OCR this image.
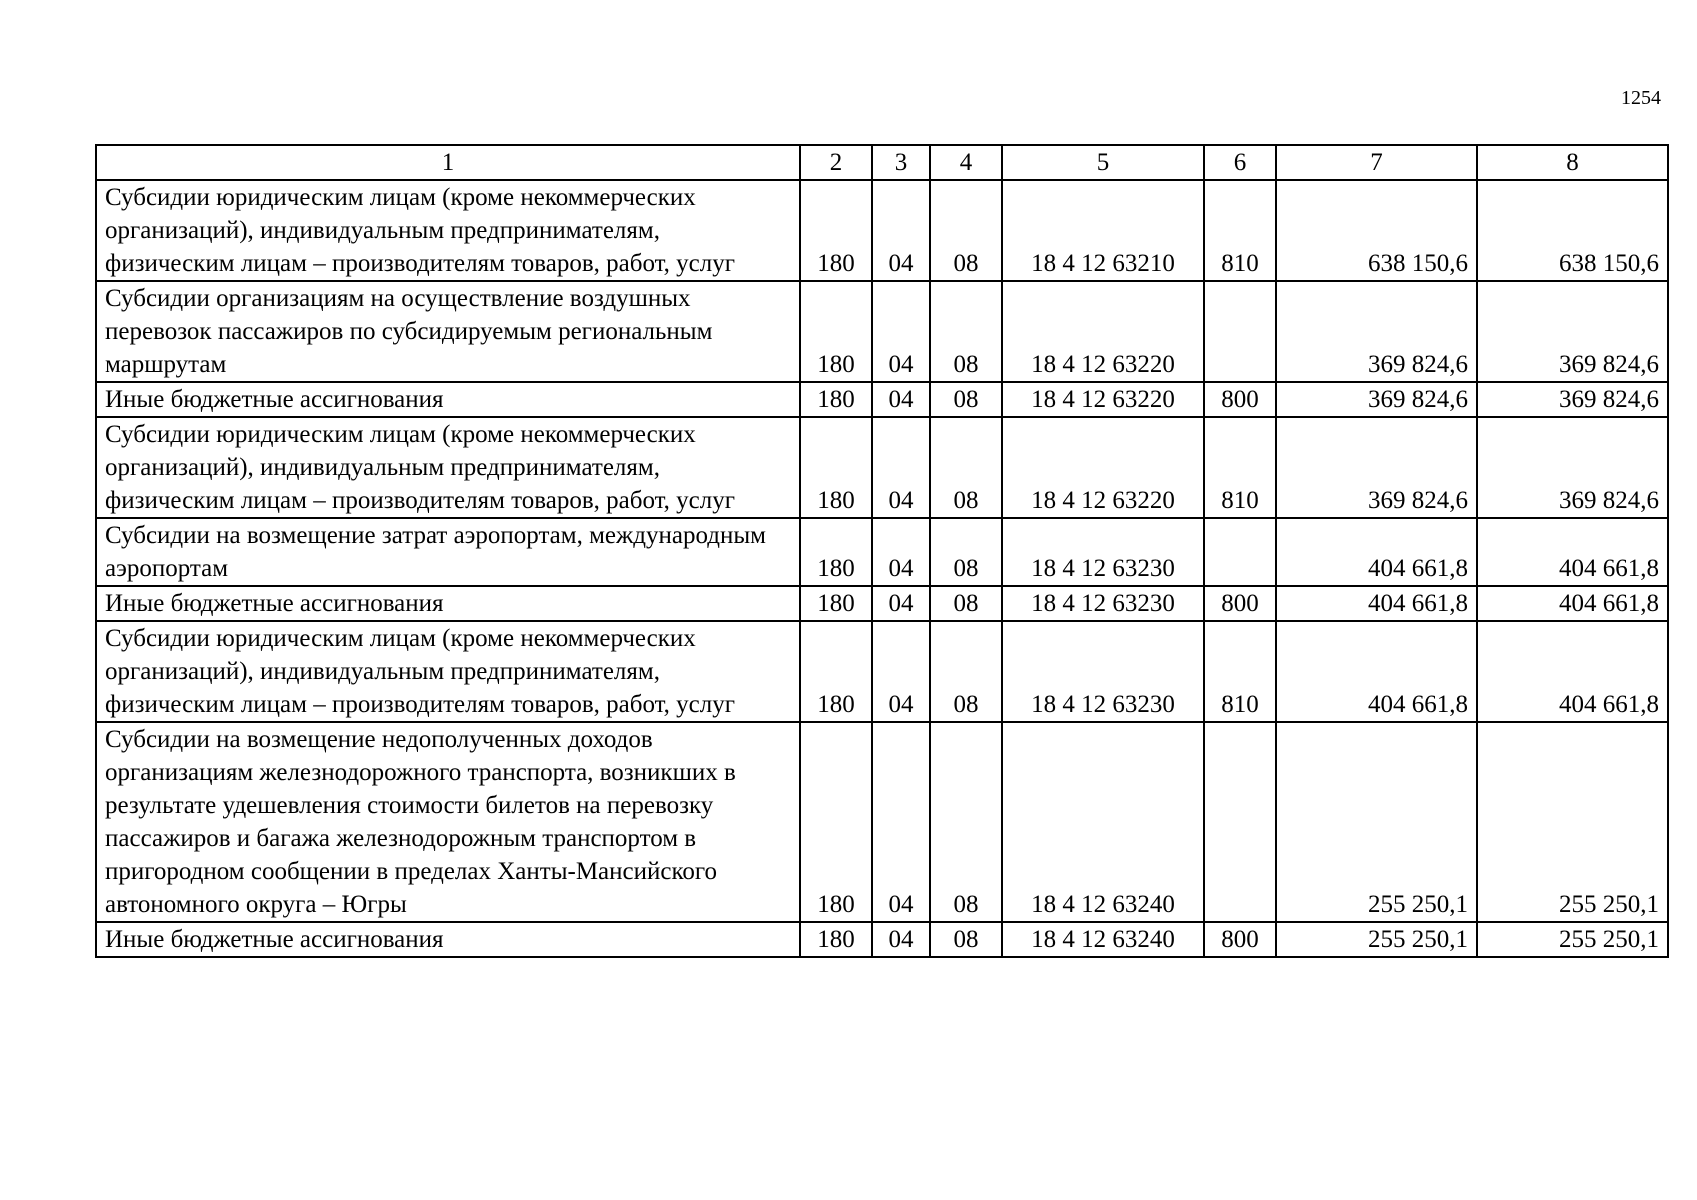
1254
1	2	3	4	5	6	7	8
Субсидии юридическим лицам (кроме некоммерческих организаций), индивидуальным предпринимателям, физическим лицам – производителям товаров, работ, услуг	180	04	08	18 4 12 63210	810	638 150,6	638 150,6
Субсидии организациям на осуществление воздушных перевозок пассажиров по субсидируемым региональным маршрутам	180	04	08	18 4 12 63220		369 824,6	369 824,6
Иные бюджетные ассигнования	180	04	08	18 4 12 63220	800	369 824,6	369 824,6
Субсидии юридическим лицам (кроме некоммерческих организаций), индивидуальным предпринимателям, физическим лицам – производителям товаров, работ, услуг	180	04	08	18 4 12 63220	810	369 824,6	369 824,6
Субсидии на возмещение затрат аэропортам, международным аэропортам	180	04	08	18 4 12 63230		404 661,8	404 661,8
Иные бюджетные ассигнования	180	04	08	18 4 12 63230	800	404 661,8	404 661,8
Субсидии юридическим лицам (кроме некоммерческих организаций), индивидуальным предпринимателям, физическим лицам – производителям товаров, работ, услуг	180	04	08	18 4 12 63230	810	404 661,8	404 661,8
Субсидии на возмещение недополученных доходов организациям железнодорожного транспорта, возникших в результате удешевления стоимости билетов на перевозку пассажиров и багажа железнодорожным транспортом в пригородном сообщении в пределах Ханты-Мансийского автономного округа – Югры	180	04	08	18 4 12 63240		255 250,1	255 250,1
Иные бюджетные ассигнования	180	04	08	18 4 12 63240	800	255 250,1	255 250,1
